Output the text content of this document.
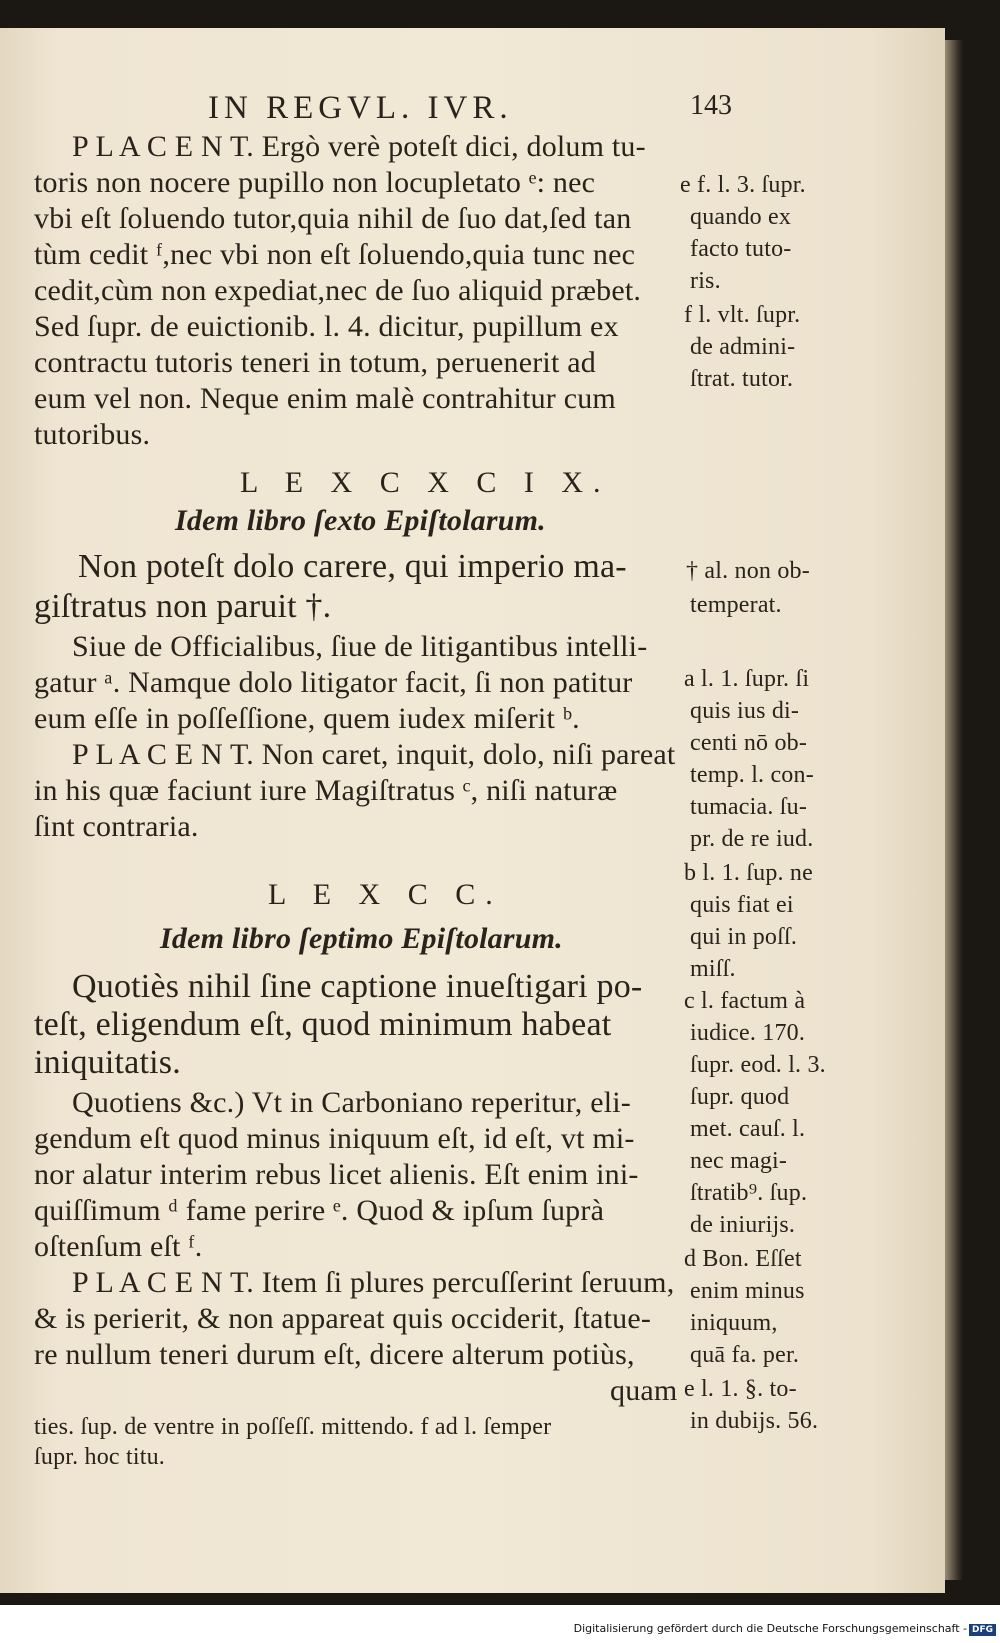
IN REGVL. IVR.	143
P L A C E N T. Ergò verè poteſt dici, dolum tu-
toris non nocere pupillo non locupletato ᵉ: nec
vbi eſt ſoluendo tutor,quia nihil de ſuo dat,ſed tan
tùm cedit ᶠ,nec vbi non eſt ſoluendo,quia tunc nec
cedit,cùm non expediat,nec de ſuo aliquid præbet.
Sed ſupr. de euictionib. l. 4. dicitur, pupillum ex
contractu tutoris teneri in totum, peruenerit ad
eum vel non. Neque enim malè contrahitur cum
tutoribus.
L E X C X C I X.
Idem libro ſexto Epiſtolarum.
Non poteſt dolo carere, qui imperio ma-
giſtratus non paruit †.
Siue de Officialibus, ſiue de litigantibus intelli-
gatur ᵃ. Namque dolo litigator facit, ſi non patitur
eum eſſe in poſſeſſione, quem iudex miſerit ᵇ.
P L A C E N T. Non caret, inquit, dolo, niſi pareat
in his quæ faciunt iure Magiſtratus ᶜ, niſi naturæ
ſint contraria.
L E X C C.
Idem libro ſeptimo Epiſtolarum.
Quotiès nihil ſine captione inueſtigari po-
teſt, eligendum eſt, quod minimum habeat
iniquitatis.
Quotiens &c.) Vt in Carboniano reperitur, eli-
gendum eſt quod minus iniquum eſt, id eſt, vt mi-
nor alatur interim rebus licet alienis. Eſt enim ini-
quiſſimum ᵈ fame perire ᵉ. Quod & ipſum ſuprà
oſtenſum eſt ᶠ.
P L A C E N T. Item ſi plures percuſſerint ſeruum,
& is perierit, & non appareat quis occiderit, ſtatue-
re nullum teneri durum eſt, dicere alterum potiùs,
quam
ties. ſup. de ventre in poſſeſſ. mittendo. f ad l. ſemper
ſupr. hoc titu.
e f. l. 3. ſupr.
quando ex
facto tuto-
ris.
f l. vlt. ſupr.
de admini-
ſtrat. tutor.
† al. non ob-
temperat.
a l. 1. ſupr. ſi
quis ius di-
centi nō ob-
temp. l. con-
tumacia. ſu-
pr. de re iud.
b l. 1. ſup. ne
quis fiat ei
qui in poſſ.
miſſ.
c l. factum à
iudice. 170.
ſupr. eod. l. 3.
ſupr. quod
met. cauſ. l.
nec magi-
ſtratib⁹. ſup.
de iniurijs.
d Bon. Eſſet
enim minus
iniquum,
quā fa. per.
e l. 1. §. to-
in dubijs. 56.
Digitalisierung gefördert durch die Deutsche Forschungsgemeinschaft - DFG
